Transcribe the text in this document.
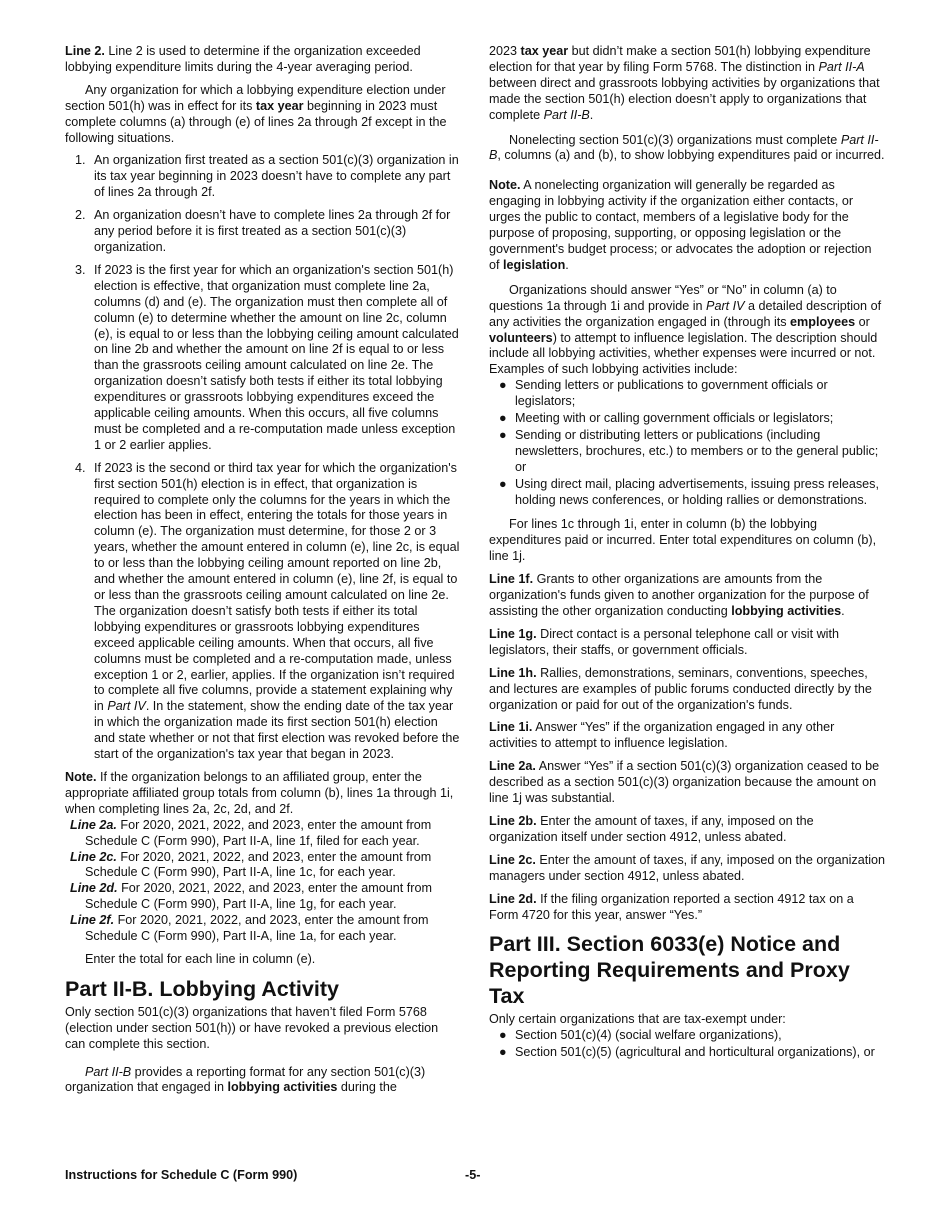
Line 2. Line 2 is used to determine if the organization exceeded lobbying expenditure limits during the 4-year averaging period.

Any organization for which a lobbying expenditure election under section 501(h) was in effect for its tax year beginning in 2023 must complete columns (a) through (e) of lines 2a through 2f except in the following situations.

1. An organization first treated as a section 501(c)(3) organization in its tax year beginning in 2023 doesn’t have to complete any part of lines 2a through 2f.
2. An organization doesn’t have to complete lines 2a through 2f for any period before it is first treated as a section 501(c)(3) organization.
3. If 2023 is the first year for which an organization's section 501(h) election is effective, that organization must complete line 2a, columns (d) and (e). The organization must then complete all of column (e) to determine whether the amount on line 2c, column (e), is equal to or less than the lobbying ceiling amount calculated on line 2b and whether the amount on line 2f is equal to or less than the grassroots ceiling amount calculated on line 2e. The organization doesn’t satisfy both tests if either its total lobbying expenditures or grassroots lobbying expenditures exceed the applicable ceiling amounts. When this occurs, all five columns must be completed and a re-computation made unless exception 1 or 2 earlier applies.
4. If 2023 is the second or third tax year for which the organization's first section 501(h) election is in effect, that organization is required to complete only the columns for the years in which the election has been in effect, entering the totals for those years in column (e). The organization must determine, for those 2 or 3 years, whether the amount entered in column (e), line 2c, is equal to or less than the lobbying ceiling amount reported on line 2b, and whether the amount entered in column (e), line 2f, is equal to or less than the grassroots ceiling amount calculated on line 2e. The organization doesn’t satisfy both tests if either its total lobbying expenditures or grassroots lobbying expenditures exceed applicable ceiling amounts. When that occurs, all five columns must be completed and a re-computation made, unless exception 1 or 2, earlier, applies. If the organization isn’t required to complete all five columns, provide a statement explaining why in Part IV. In the statement, show the ending date of the tax year in which the organization made its first section 501(h) election and state whether or not that first election was revoked before the start of the organization's tax year that began in 2023.

Note. If the organization belongs to an affiliated group, enter the appropriate affiliated group totals from column (b), lines 1a through 1i, when completing lines 2a, 2c, 2d, and 2f.

Line 2a. For 2020, 2021, 2022, and 2023, enter the amount from Schedule C (Form 990), Part II-A, line 1f, filed for each year.

Line 2c. For 2020, 2021, 2022, and 2023, enter the amount from Schedule C (Form 990), Part II-A, line 1c, for each year.

Line 2d. For 2020, 2021, 2022, and 2023, enter the amount from Schedule C (Form 990), Part II-A, line 1g, for each year.

Line 2f. For 2020, 2021, 2022, and 2023, enter the amount from Schedule C (Form 990), Part II-A, line 1a, for each year.

Enter the total for each line in column (e).

Part II-B. Lobbying Activity

Only section 501(c)(3) organizations that haven’t filed Form 5768 (election under section 501(h)) or have revoked a previous election can complete this section.

Part II-B provides a reporting format for any section 501(c)(3) organization that engaged in lobbying activities during the

2023 tax year but didn’t make a section 501(h) lobbying expenditure election for that year by filing Form 5768. The distinction in Part II-A between direct and grassroots lobbying activities by organizations that made the section 501(h) election doesn’t apply to organizations that complete Part II-B.

Nonelecting section 501(c)(3) organizations must complete Part II-B, columns (a) and (b), to show lobbying expenditures paid or incurred.

Note. A nonelecting organization will generally be regarded as engaging in lobbying activity if the organization either contacts, or urges the public to contact, members of a legislative body for the purpose of proposing, supporting, or opposing legislation or the government's budget process; or advocates the adoption or rejection of legislation.

Organizations should answer “Yes” or “No” in column (a) to questions 1a through 1i and provide in Part IV a detailed description of any activities the organization engaged in (through its employees or volunteers) to attempt to influence legislation. The description should include all lobbying activities, whether expenses were incurred or not. Examples of such lobbying activities include:

● Sending letters or publications to government officials or legislators;
● Meeting with or calling government officials or legislators;
● Sending or distributing letters or publications (including newsletters, brochures, etc.) to members or to the general public; or
● Using direct mail, placing advertisements, issuing press releases, holding news conferences, or holding rallies or demonstrations.

For lines 1c through 1i, enter in column (b) the lobbying expenditures paid or incurred. Enter total expenditures on column (b), line 1j.

Line 1f. Grants to other organizations are amounts from the organization's funds given to another organization for the purpose of assisting the other organization conducting lobbying activities.

Line 1g. Direct contact is a personal telephone call or visit with legislators, their staffs, or government officials.

Line 1h. Rallies, demonstrations, seminars, conventions, speeches, and lectures are examples of public forums conducted directly by the organization or paid for out of the organization's funds.

Line 1i. Answer “Yes” if the organization engaged in any other activities to attempt to influence legislation.

Line 2a. Answer “Yes” if a section 501(c)(3) organization ceased to be described as a section 501(c)(3) organization because the amount on line 1j was substantial.

Line 2b. Enter the amount of taxes, if any, imposed on the organization itself under section 4912, unless abated.

Line 2c. Enter the amount of taxes, if any, imposed on the organization managers under section 4912, unless abated.

Line 2d. If the filing organization reported a section 4912 tax on a Form 4720 for this year, answer “Yes.”

Part III. Section 6033(e) Notice and Reporting Requirements and Proxy Tax

Only certain organizations that are tax-exempt under:

● Section 501(c)(4) (social welfare organizations),
● Section 501(c)(5) (agricultural and horticultural organizations), or
Instructions for Schedule C (Form 990)	-5-
